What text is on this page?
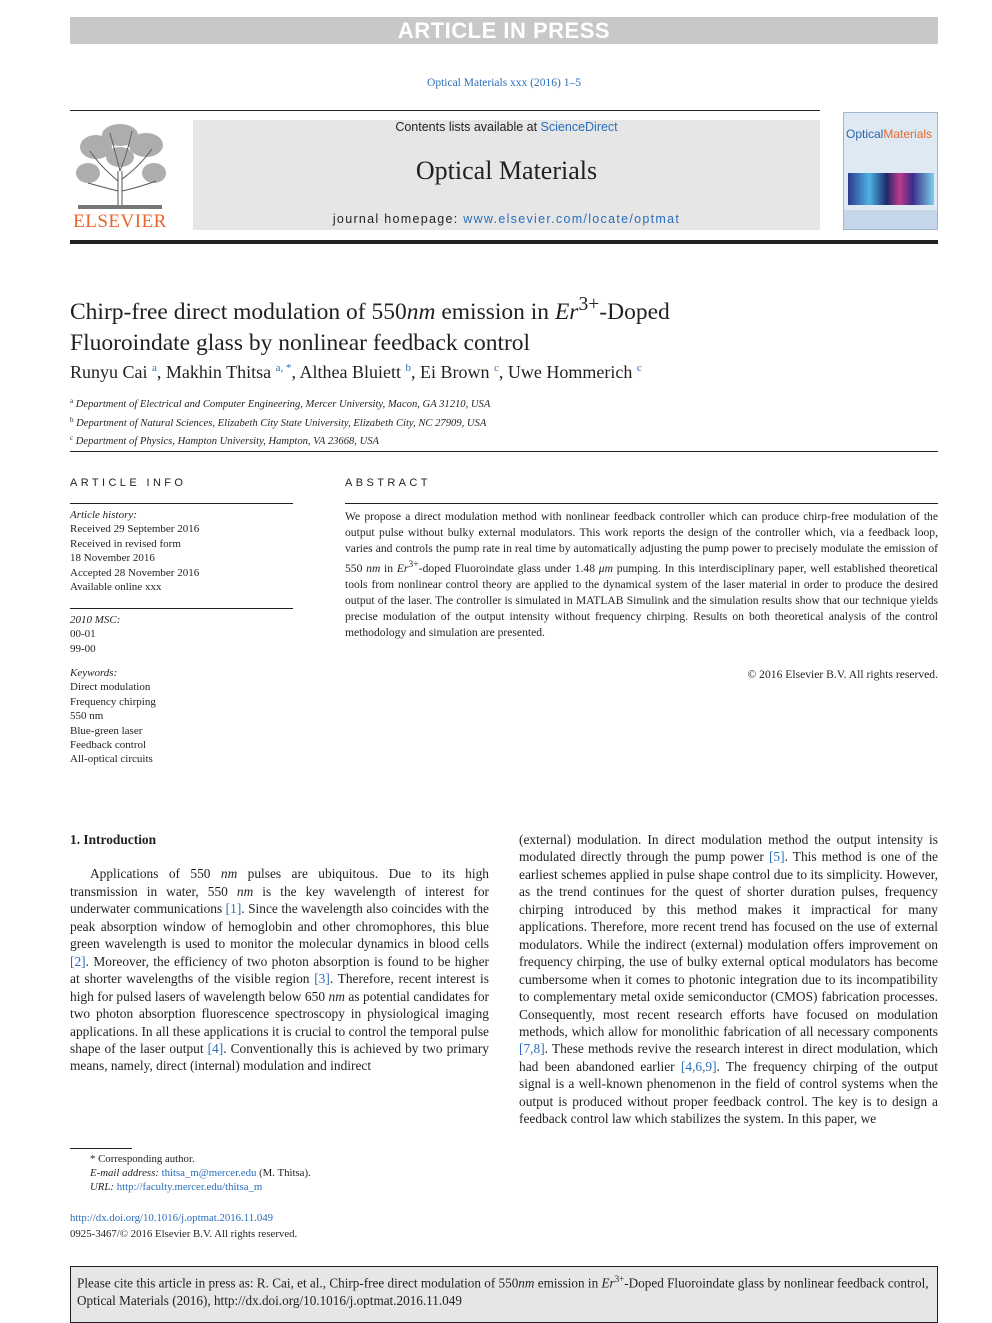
ARTICLE IN PRESS
Optical Materials xxx (2016) 1–5
ELSEVIER
Contents lists available at ScienceDirect
Optical Materials
journal homepage: www.elsevier.com/locate/optmat
OpticalMaterials
Chirp-free direct modulation of 550nm emission in $Er^{3+}$-Doped
Fluoroindate glass by nonlinear feedback control
Runyu Cai $^a$, Makhin Thitsa $^{a, *}$, Althea Bluiett $^b$, Ei Brown $^c$, Uwe Hommerich $^c$
$^a$ Department of Electrical and Computer Engineering, Mercer University, Macon, GA 31210, USA
$^b$ Department of Natural Sciences, Elizabeth City State University, Elizabeth City, NC 27909, USA
$^c$ Department of Physics, Hampton University, Hampton, VA 23668, USA
ARTICLE INFO	ABSTRACT
Article history:
Received 29 September 2016
Received in revised form
18 November 2016
Accepted 28 November 2016
Available online xxx
2010 MSC:
00-01
99-00
Keywords:
Direct modulation
Frequency chirping
550 nm
Blue-green laser
Feedback control
All-optical circuits
We propose a direct modulation method with nonlinear feedback controller which can produce chirp-free modulation of the output pulse without bulky external modulators. This work reports the design of the controller which, via a feedback loop, varies and controls the pump rate in real time by automatically adjusting the pump power to precisely modulate the emission of 550 nm in $Er^{3+}$-doped Fluoroindate glass under 1.48 μm pumping. In this interdisciplinary paper, well established theoretical tools from nonlinear control theory are applied to the dynamical system of the laser material in order to produce the desired output of the laser. The controller is simulated in MATLAB Simulink and the simulation results show that our technique yields precise modulation of the output intensity without frequency chirping. Results on both theoretical analysis of the control methodology and simulation are presented.
© 2016 Elsevier B.V. All rights reserved.
1. Introduction

Applications of 550 nm pulses are ubiquitous. Due to its high transmission in water, 550 nm is the key wavelength of interest for underwater communications [1]. Since the wavelength also coincides with the peak absorption window of hemoglobin and other chromophores, this blue green wavelength is used to monitor the molecular dynamics in blood cells [2]. Moreover, the efficiency of two photon absorption is found to be higher at shorter wavelengths of the visible region [3]. Therefore, recent interest is high for pulsed lasers of wavelength below 650 nm as potential candidates for two photon absorption fluorescence spectroscopy in physiological imaging applications. In all these applications it is crucial to control the temporal pulse shape of the laser output [4]. Conventionally this is achieved by two primary means, namely, direct (internal) modulation and indirect

(external) modulation. In direct modulation method the output intensity is modulated directly through the pump power [5]. This method is one of the earliest schemes applied in pulse shape control due to its simplicity. However, as the trend continues for the quest of shorter duration pulses, frequency chirping introduced by this method makes it impractical for many applications. Therefore, more recent trend has focused on the use of external modulators. While the indirect (external) modulation offers improvement on frequency chirping, the use of bulky external optical modulators has become cumbersome when it comes to photonic integration due to its incompatibility to complementary metal oxide semiconductor (CMOS) fabrication processes. Consequently, most recent research efforts have focused on modulation methods, which allow for monolithic fabrication of all necessary components [7,8]. These methods revive the research interest in direct modulation, which had been abandoned earlier [4,6,9]. The frequency chirping of the output signal is a well-known phenomenon in the field of control systems when the output is produced without proper feedback control. The key is to design a feedback control law which stabilizes the system. In this paper, we

* Corresponding author.
E-mail address: thitsa_m@mercer.edu (M. Thitsa).
URL: http://faculty.mercer.edu/thitsa_m
http://dx.doi.org/10.1016/j.optmat.2016.11.049
0925-3467/© 2016 Elsevier B.V. All rights reserved.
Please cite this article in press as: R. Cai, et al., Chirp-free direct modulation of 550nm emission in $Er^{3+}$-Doped Fluoroindate glass by nonlinear feedback control, Optical Materials (2016), http://dx.doi.org/10.1016/j.optmat.2016.11.049
